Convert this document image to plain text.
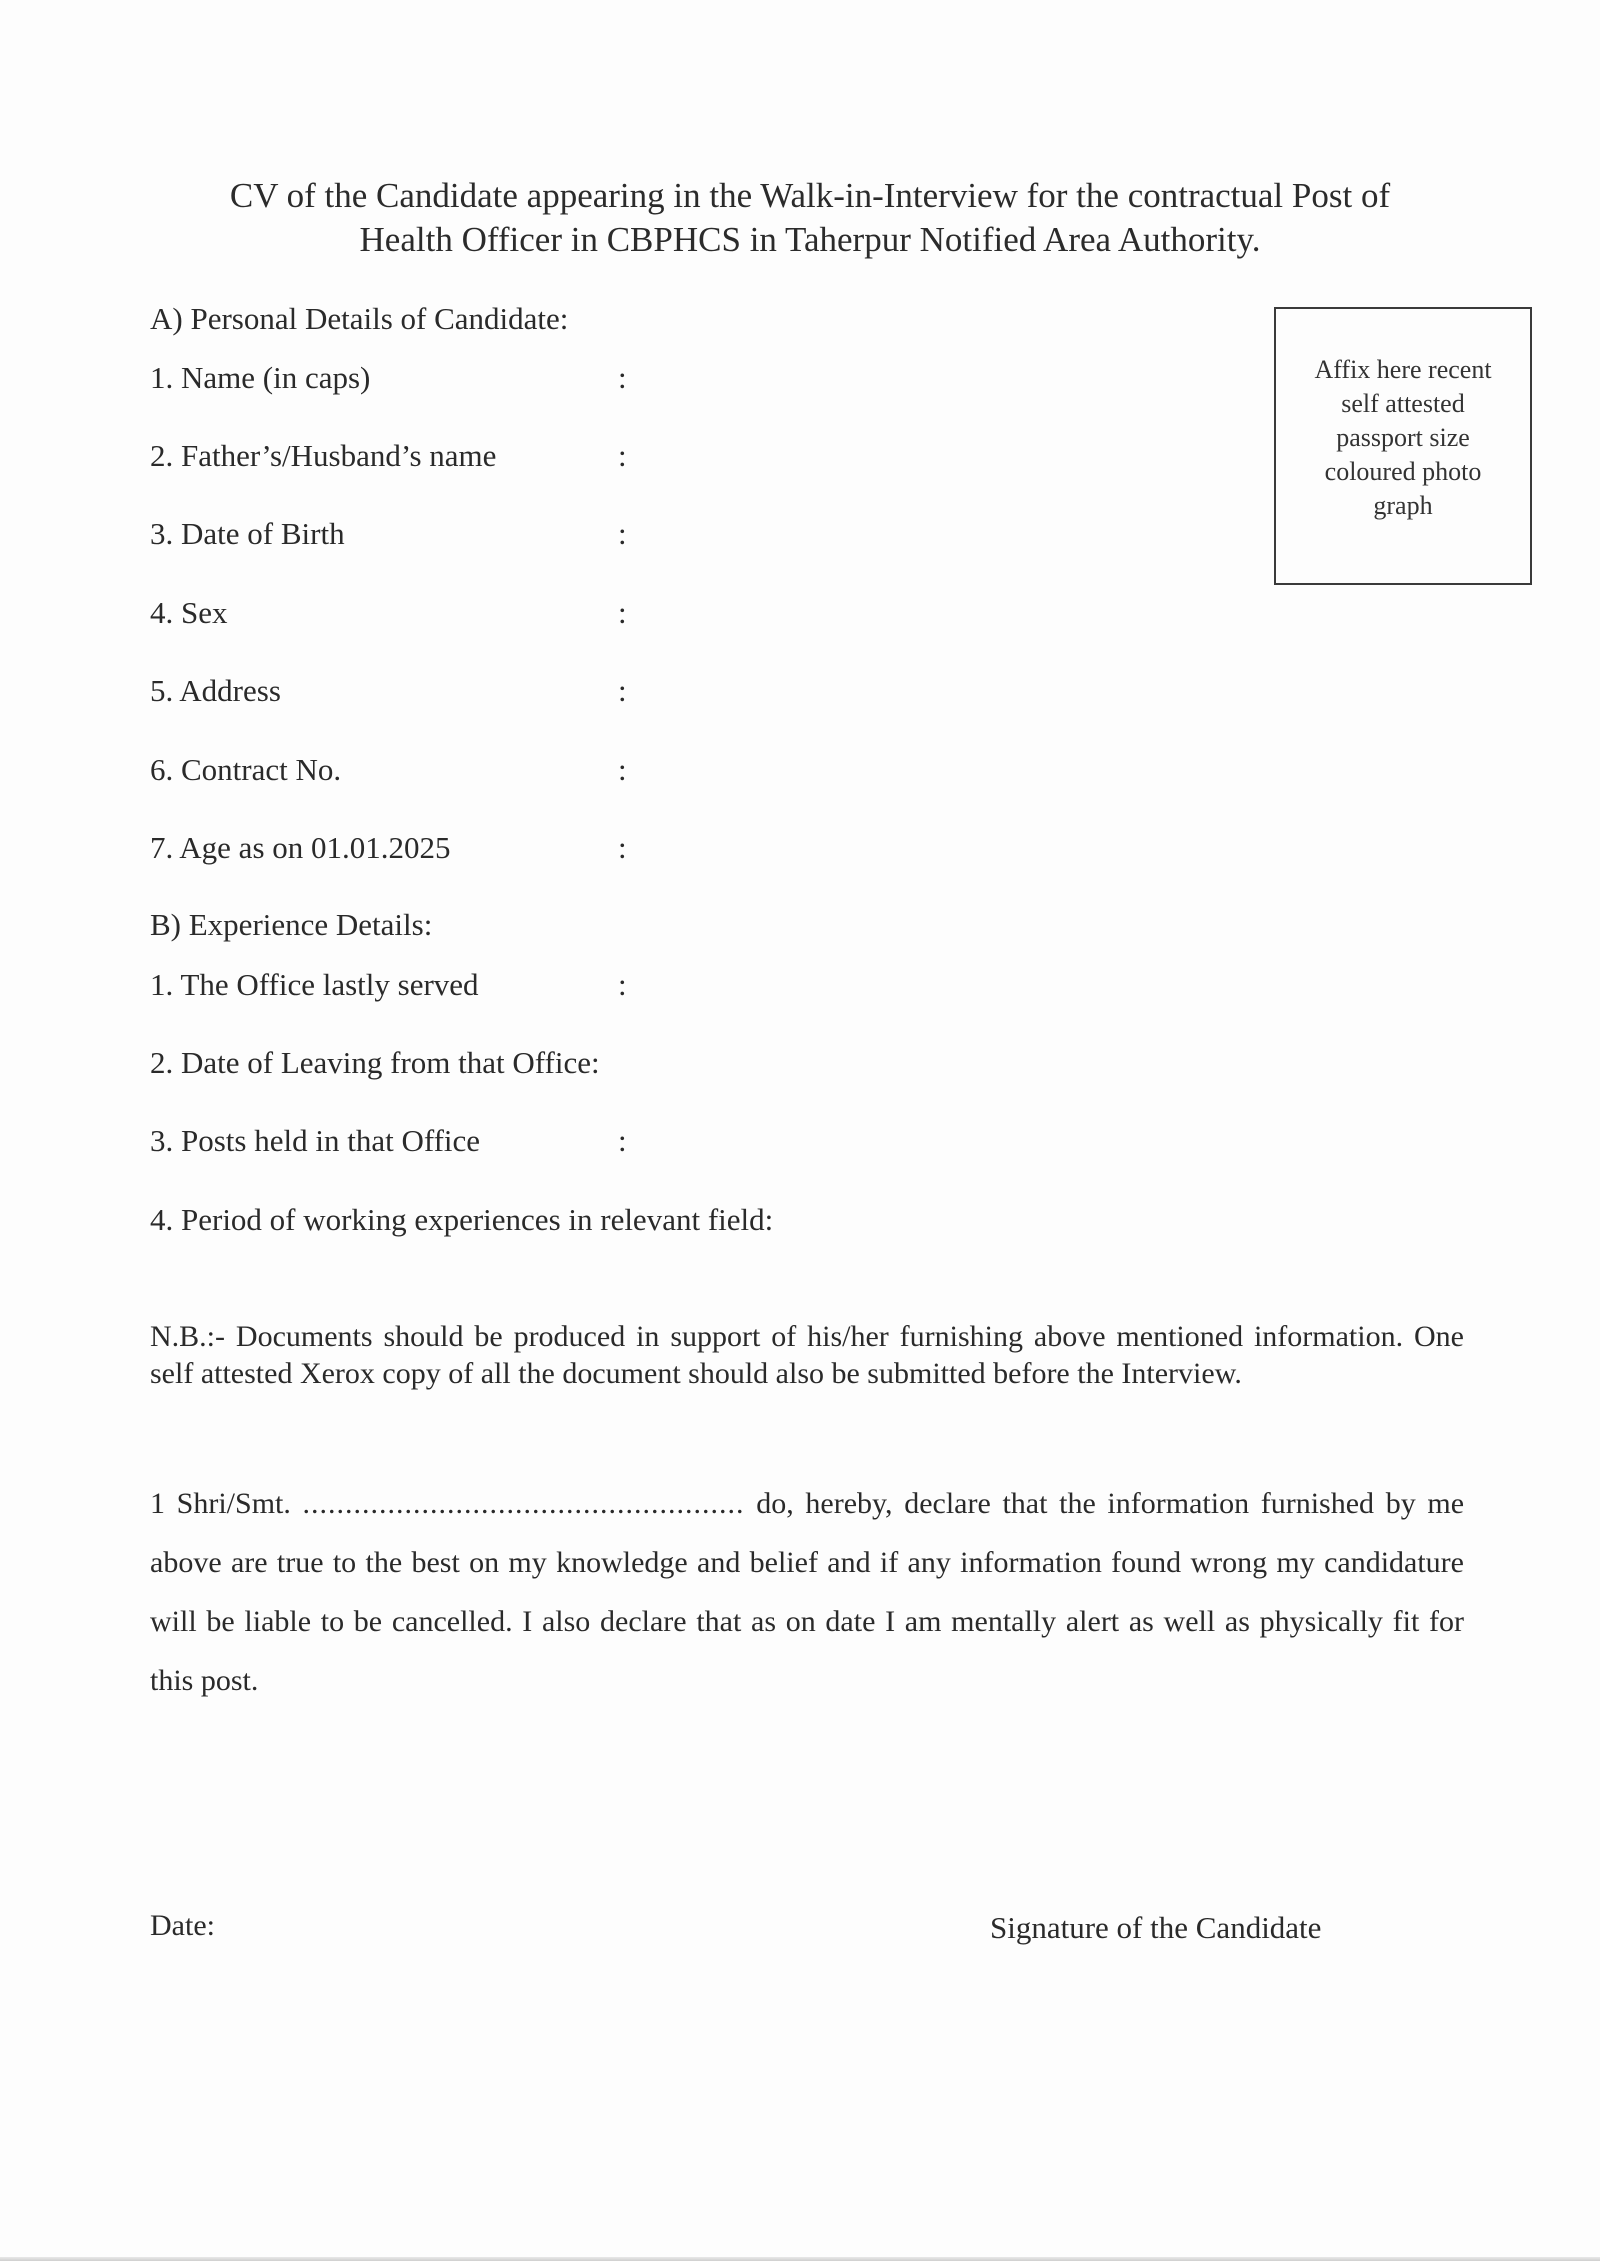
CV of the Candidate appearing in the Walk-in-Interview for the contractual Post of
Health Officer in CBPHCS in Taherpur Notified Area Authority.
A) Personal Details of Candidate:
1. Name (in caps)	:
2. Father’s/Husband’s name	:
3. Date of Birth	:
4. Sex	:
5. Address	:
6. Contract No.	:
7. Age as on 01.01.2025	:
Affix here recent
self attested
passport size
coloured photo
graph
B) Experience Details:
1. The Office lastly served	:
2. Date of Leaving from that Office:
3. Posts held in that Office	:
4. Period of working experiences in relevant field:
N.B.:- Documents should be produced in support of his/her furnishing above mentioned information. One self attested Xerox copy of all the document should also be submitted before the Interview.
1 Shri/Smt. .................................................... do, hereby, declare that the information furnished by me above are true to the best on my knowledge and belief and if any information found wrong my candidature will be liable to be cancelled. I also declare that as on date I am mentally alert as well as physically fit for this post.
Date:	Signature of the Candidate
